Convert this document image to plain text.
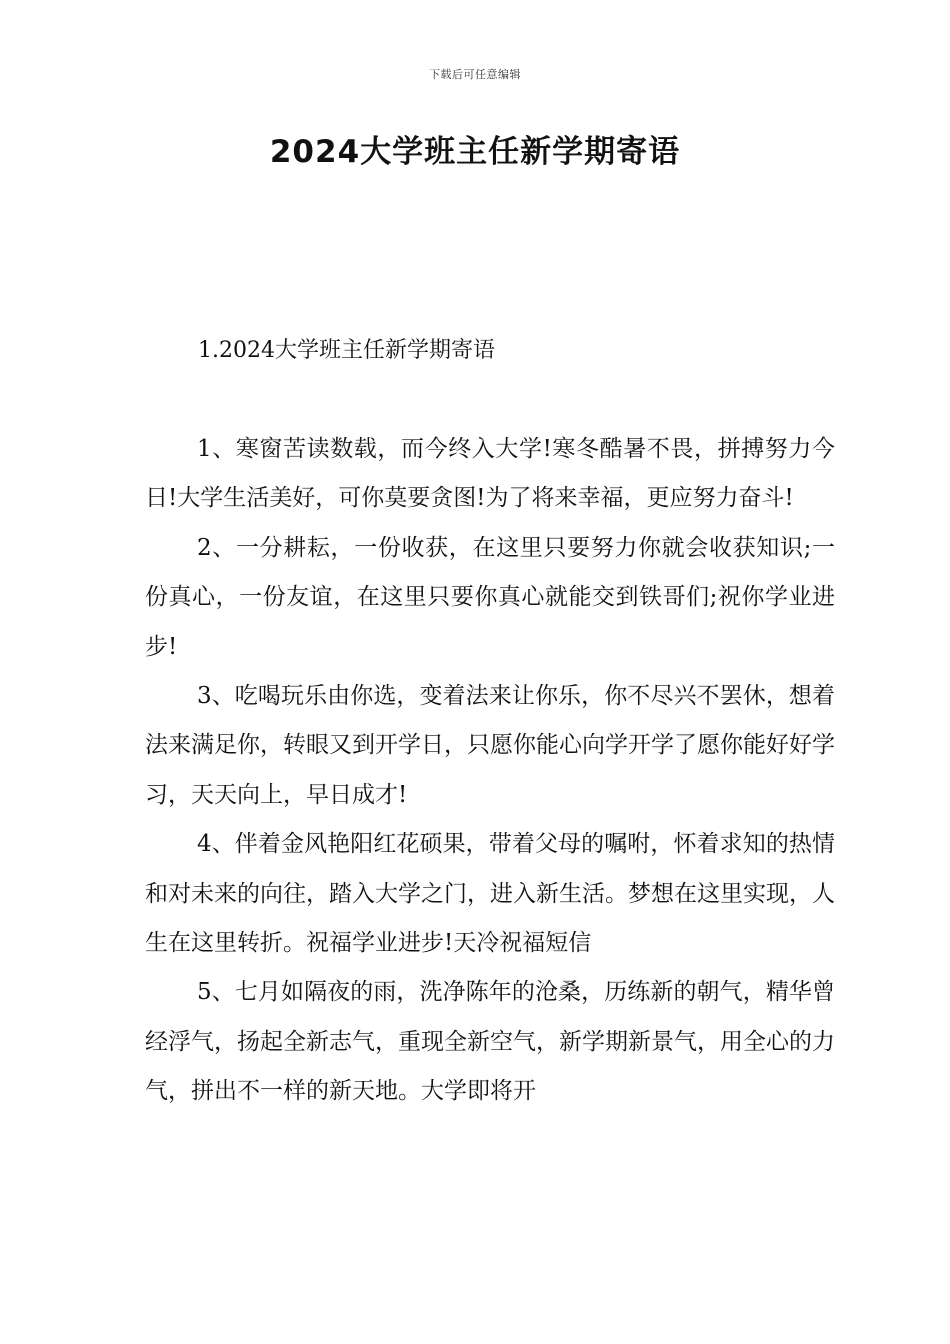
下载后可任意编辑
2024大学班主任新学期寄语
1.2024大学班主任新学期寄语

1、寒窗苦读数载，而今终入大学!寒冬酷暑不畏，拼搏努力今日!大学生活美好，可你莫要贪图!为了将来幸福，更应努力奋斗!

2、一分耕耘，一份收获，在这里只要努力你就会收获知识;一份真心，一份友谊，在这里只要你真心就能交到铁哥们;祝你学业进步!

3、吃喝玩乐由你选，变着法来让你乐，你不尽兴不罢休，想着法来满足你，转眼又到开学日，只愿你能心向学开学了愿你能好好学习，天天向上，早日成才!

4、伴着金风艳阳红花硕果，带着父母的嘱咐，怀着求知的热情和对未来的向往，踏入大学之门，进入新生活。梦想在这里实现，人生在这里转折。祝福学业进步!天冷祝福短信

5、七月如隔夜的雨，洗净陈年的沧桑，历练新的朝气，精华曾经浮气，扬起全新志气，重现全新空气，新学期新景气，用全心的力气，拼出不一样的新天地。大学即将开
